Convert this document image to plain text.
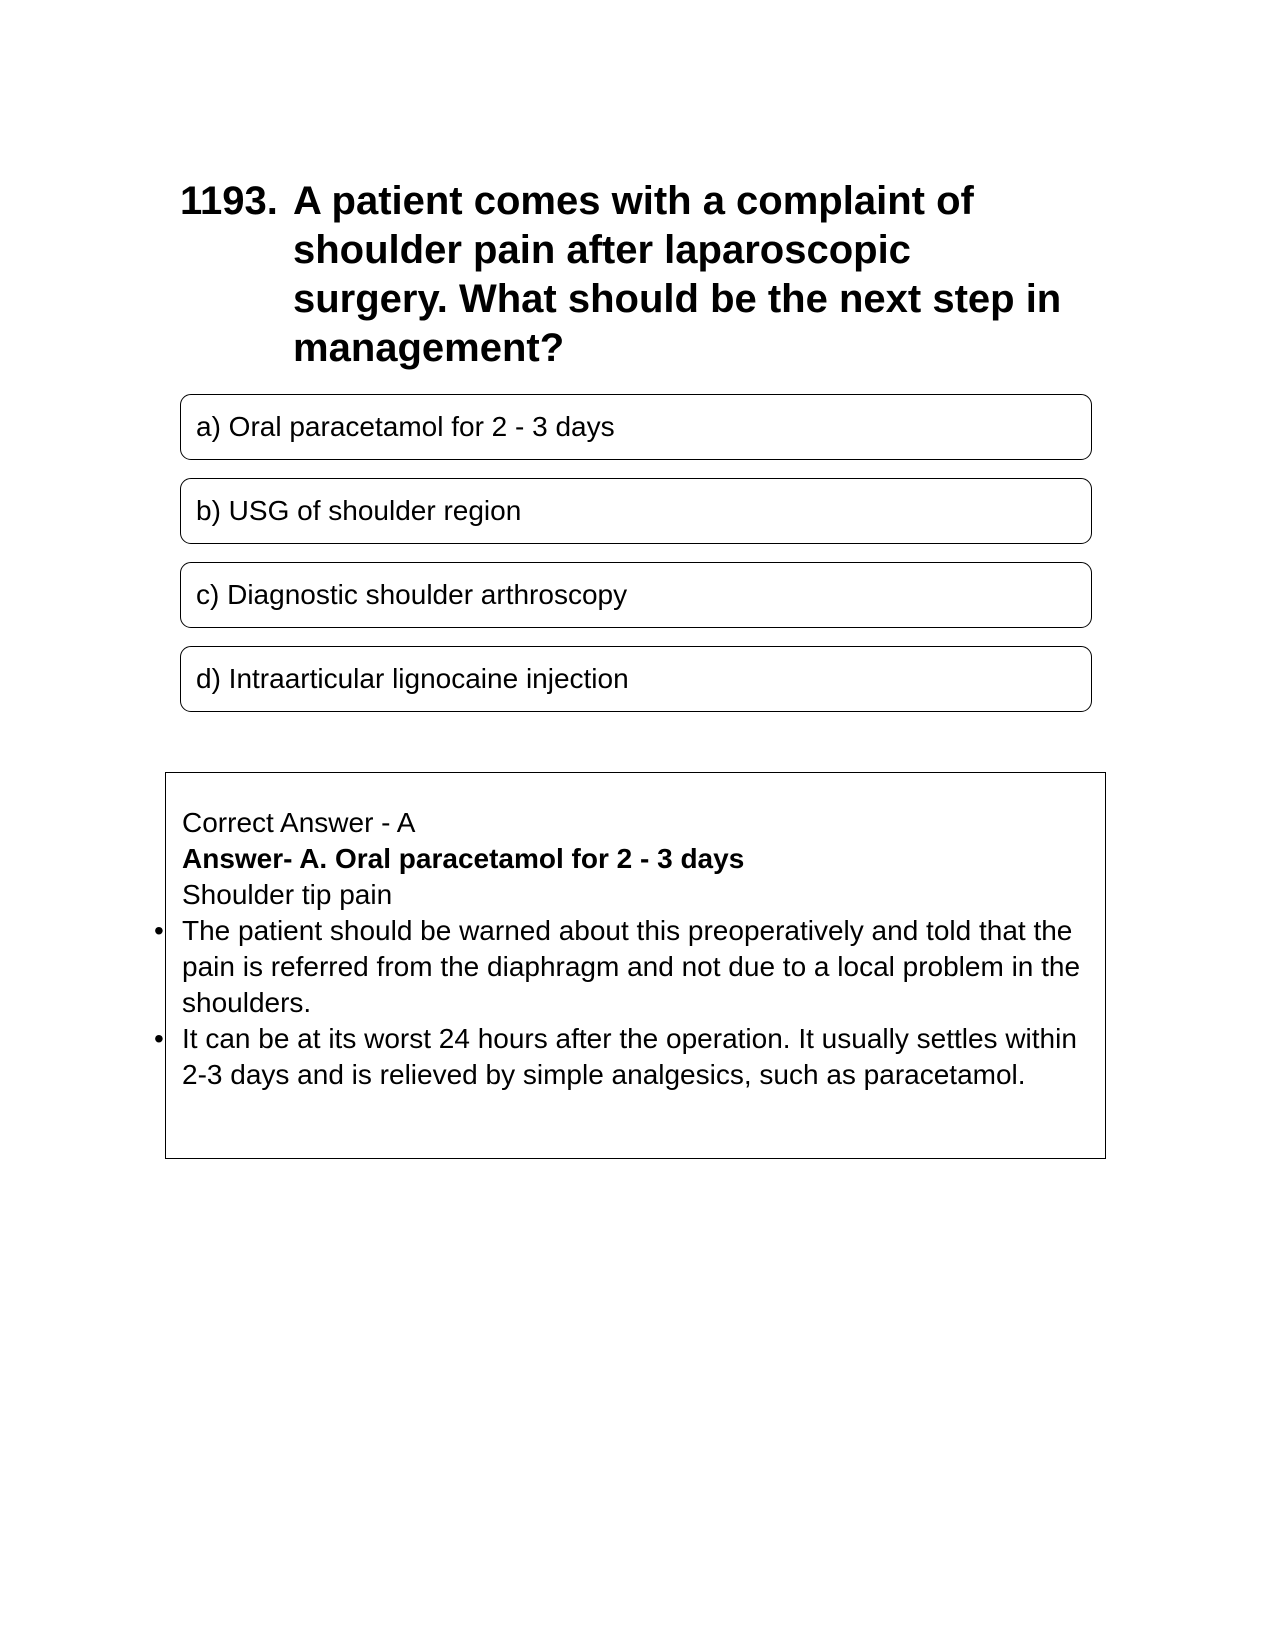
1193. A patient comes with a complaint of shoulder pain after laparoscopic surgery. What should be the next step in management?
a) Oral paracetamol for 2 - 3 days
b) USG of shoulder region
c) Diagnostic shoulder arthroscopy
d) Intraarticular lignocaine injection
Correct Answer - A
Answer- A. Oral paracetamol for 2 - 3 days
Shoulder tip pain
• The patient should be warned about this preoperatively and told that the pain is referred from the diaphragm and not due to a local problem in the shoulders.
• It can be at its worst 24 hours after the operation. It usually settles within 2-3 days and is relieved by simple analgesics, such as paracetamol.
